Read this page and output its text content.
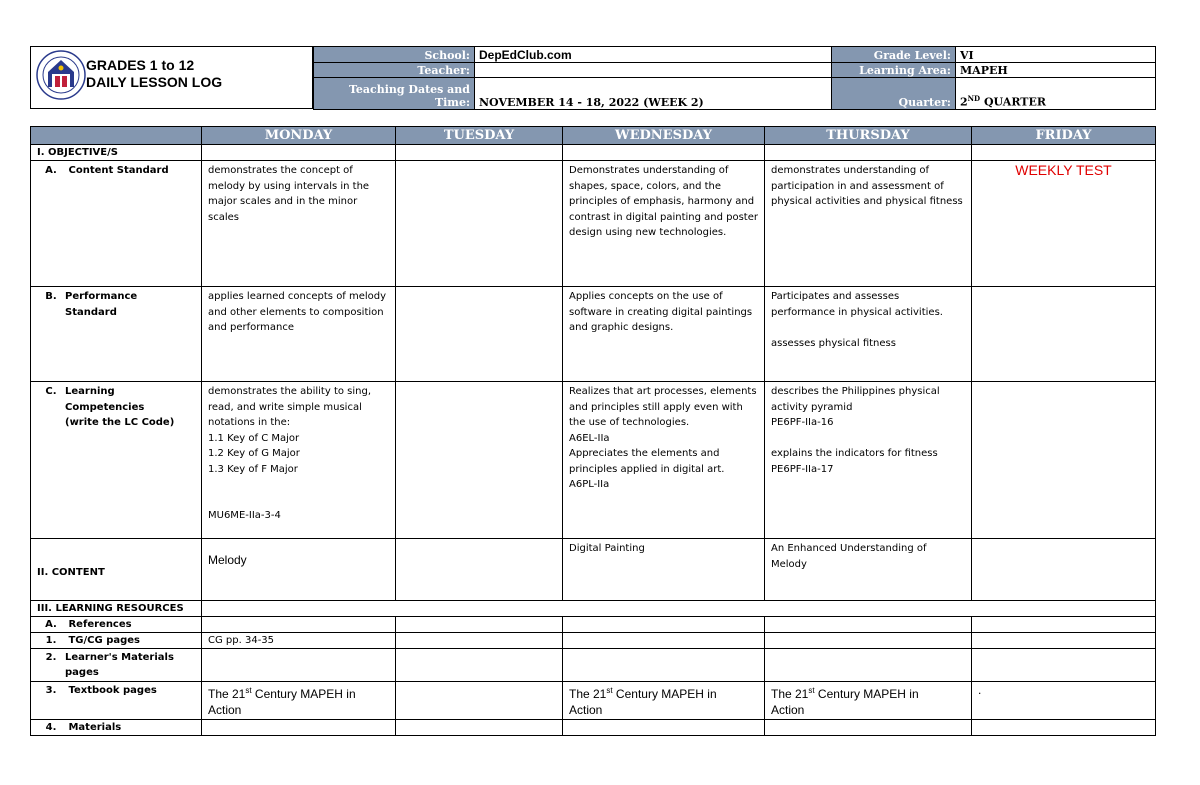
GRADES 1 to 12
DAILY LESSON LOG
School:	DepEdClub.com	Grade Level:	VI
Teacher:		Learning Area:	MAPEH

Teaching Dates and
Time:	NOVEMBER 14 - 18, 2022 (WEEK 2)	Quarter:	2ND QUARTER
	MONDAY	TUESDAY	WEDNESDAY	THURSDAY	FRIDAY
I. OBJECTIVE/S					
A. Content Standard	demonstrates the concept of melody by using intervals in the major scales and in the minor scales		Demonstrates understanding of shapes, space, colors, and the principles of emphasis, harmony and contrast in digital painting and poster design using new technologies.	demonstrates understanding of participation in and assessment of physical activities and physical fitness	WEEKLY TEST
B. Performance
Standard	applies learned concepts of melody and other elements to composition and performance		Applies concepts on the use of software in creating digital paintings and graphic designs.	Participates and assesses performance in physical activities.

assesses physical fitness	
C. Learning
Competencies
(write the LC Code)	demonstrates the ability to sing, read, and write simple musical notations in the:
1.1 Key of C Major
1.2 Key of G Major
1.3 Key of F Major

MU6ME-IIa-3-4		Realizes that art processes, elements and principles still apply even with the use of technologies.
A6EL-IIa
Appreciates the elements and principles applied in digital art.
A6PL-IIa	describes the Philippines physical activity pyramid
PE6PF-IIa-16

explains the indicators for fitness
PE6PF-IIa-17	
II. CONTENT	Melody		Digital Painting	An Enhanced Understanding of Melody	
III. LEARNING RESOURCES					
A. References					
1. TG/CG pages	CG pp. 34-35				
2. Learner's Materials
pages					
3. Textbook pages	The 21st Century MAPEH in
Action		The 21st Century MAPEH in
Action	The 21st Century MAPEH in
Action	.
4. Materials					
